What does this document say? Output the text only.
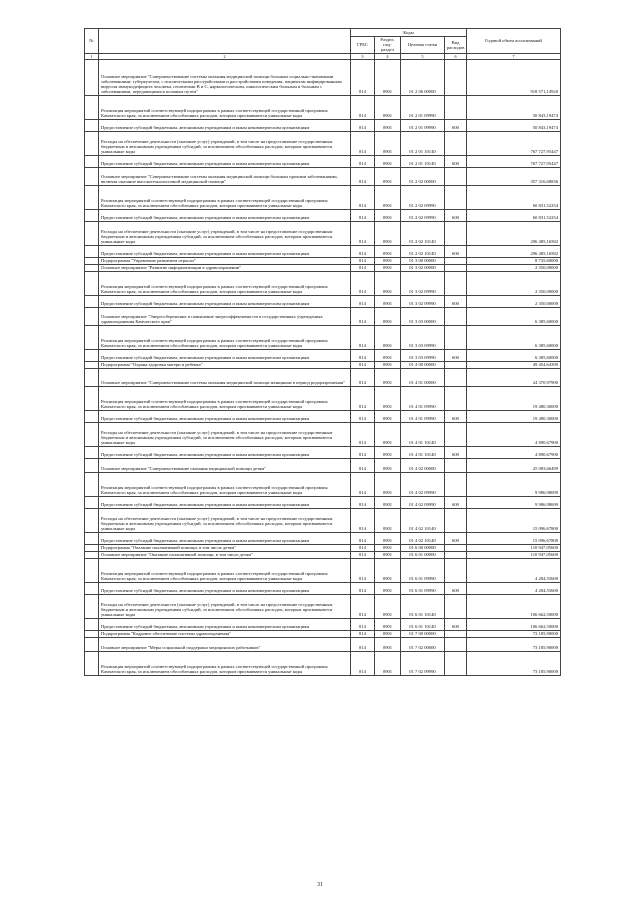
№		Коды				Годовой объем ассигнований
		ГРБС	Раздел, под-раздел	Целевая статья	Вид расходов	
1	2	3	4	5	6	7
	Основное мероприятие "Совершенствование системы оказания медицинской помощи больным социально-значимыми заболеваниями: туберкулезом, с психическими расстройствами и расстройствами поведения, пациентам инфицированным вирусом иммунодефицита человека, гепатитами B и C, наркологическим, онкологическим больным и больным с заболеваниями, передающимися половым путем"	814	0901	01 2 06 00000		918 571,14920
	Реализация мероприятий соответствующей подпрограммы в рамках соответствующей государственной программы Камчатского края, за исключением обособленных расходов, которым присваиваются уникальные коды	814	0901	01 2 01 09990		50 843,19474
	Предоставление субсидий бюджетным, автономным учреждениям и иным некоммерческим организациям	814	0901	01 2 01 09990	600	50 843,19474
	Расходы на обеспечение деятельности (оказание услуг) учреждений, в том числе на предоставление государственным бюджетным и автономным учреждениям субсидий, за исключением обособленных расходов, которым присваиваются уникальные коды	814	0901	01 2 01 10140		767 727,95447
	Предоставление субсидий бюджетным, автономным учреждениям и иным некоммерческим организациям	814	0901	01 2 01 10140	600	767 727,95447
	Основное мероприятие "Совершенствование системы оказания медицинской помощи больным прочими заболеваниями, включая оказание высокотехнологичной медицинской помощи"	814	0901	01 2 02 00000		357 316,68836
	Реализация мероприятий соответствующей подпрограммы в рамках соответствующей государственной программы Камчатского края, за исключением обособленных расходов, которым присваиваются уникальные коды	814	0901	01 2 02 09990		60 831,52254
	Предоставление субсидий бюджетным, автономным учреждениям и иным некоммерческим организациям	814	0901	01 2 02 09990	600	60 831,52254
	Расходы на обеспечение деятельности (оказание услуг) учреждений, в том числе на предоставление государственным бюджетным и автономным учреждениям субсидий, за исключением обособленных расходов, которым присваиваются уникальные коды	814	0901	01 2 02 10140		296 485,16582
	Предоставление субсидий бюджетным, автономным учреждениям и иным некоммерческим организациям	814	0901	01 2 02 10140	600	296 485,16582
	Подпрограмма "Управление развитием отрасли"	814	0901	01 3 00 00000		8 735,60000
	Основное мероприятие "Развитие информатизации в здравоохранении"	814	0901	01 3 02 00000		2 350,00000
	Реализация мероприятий соответствующей подпрограммы в рамках соответствующей государственной программы Камчатского края, за исключением обособленных расходов, которым присваиваются уникальные коды	814	0901	01 3 02 09990		2 350,00000
	Предоставление субсидий бюджетным, автономным учреждениям и иным некоммерческим организациям	814	0901	01 3 02 09990	600	2 350,00000
	Основное мероприятие "Энергосбережение и повышение энергоэффективности в государственных учреждениях здравоохранения Камчатского края"	814	0901	01 3 03 00000		6 385,60000
	Реализация мероприятий соответствующей подпрограммы в рамках соответствующей государственной программы Камчатского края, за исключением обособленных расходов, которым присваиваются уникальные коды	814	0901	01 3 03 09990		6 385,60000
	Предоставление субсидий бюджетным, автономным учреждениям и иным некоммерческим организациям	814	0901	01 3 03 09990	600	6 385,60000
	Подпрограмма "Охрана здоровья матери и ребенка"	814	0901	01 4 00 00000		49 454,64399
	Основное мероприятие "Совершенствование системы оказания медицинской помощи женщинам в период родоразрешения"	814	0901	01 4 01 00000		24 370,97900
	Реализация мероприятий соответствующей подпрограммы в рамках соответствующей государственной программы Камчатского края, за исключением обособленных расходов, которым присваиваются уникальные коды	814	0901	01 4 01 09990		19 480,30000
	Предоставление субсидий бюджетным, автономным учреждениям и иным некоммерческим организациям	814	0901	01 4 01 09990	600	19 480,30000
	Расходы на обеспечение деятельности (оказание услуг) учреждений, в том числе на предоставление государственным бюджетным и автономным учреждениям субсидий, за исключением обособленных расходов, которым присваиваются уникальные коды	814	0901	01 4 01 10140		4 890,67900
	Предоставление субсидий бюджетным, автономным учреждениям и иным некоммерческим организациям	814	0901	01 4 01 10140	600	4 890,67900
	Основное мероприятие "Совершенствование оказания медицинской помощи детям"	814	0901	01 4 02 00000		25 083,66499
	Реализация мероприятий соответствующей подпрограммы в рамках соответствующей государственной программы Камчатского края, за исключением обособленных расходов, которым присваиваются уникальные коды	814	0901	01 4 02 09990		9 986,98699
	Предоставление субсидий бюджетным, автономным учреждениям и иным некоммерческим организациям	814	0901	01 4 02 09990	600	9 986,98699
	Расходы на обеспечение деятельности (оказание услуг) учреждений, в том числе на предоставление государственным бюджетным и автономным учреждениям субсидий, за исключением обособленных расходов, которым присваиваются уникальные коды	814	0901	01 4 02 10140		15 096,67800
	Предоставление субсидий бюджетным, автономным учреждениям и иным некоммерческим организациям	814	0901	01 4 02 10140	600	15 096,67800
	Подпрограмма "Оказание паллиативной помощи, в том числе детям"	814	0901	01 6 00 00000		110 947,05600
	Основное мероприятие "Оказание паллиативной помощи, в том числе детям"	814	0901	01 6 01 00000		110 947,05600
	Реализация мероприятий соответствующей подпрограммы в рамках соответствующей государственной программы Камчатского края, за исключением обособленных расходов, которым присваиваются уникальные коды	814	0901	01 6 01 09990		4 284,55600
	Предоставление субсидий бюджетным, автономным учреждениям и иным некоммерческим организациям	814	0901	01 6 01 09990	600	4 284,55600
	Расходы на обеспечение деятельности (оказание услуг) учреждений, в том числе на предоставление государственным бюджетным и автономным учреждениям субсидий, за исключением обособленных расходов, которым присваиваются уникальные коды	814	0901	01 6 01 10140		106 662,50000
	Предоставление субсидий бюджетным, автономным учреждениям и иным некоммерческим организациям	814	0901	01 6 01 10140	600	106 662,50000
	Подпрограмма "Кадровое обеспечение системы здравоохранения"	814	0901	01 7 00 00000		73 185,90000
	Основное мероприятие "Меры социальной поддержки медицинских работников"	814	0901	01 7 02 00000		73 185,90000
	Реализация мероприятий соответствующей подпрограммы в рамках соответствующей государственной программы Камчатского края, за исключением обособленных расходов, которым присваиваются уникальные коды	814	0901	01 7 02 09990		73 185,90000
31
